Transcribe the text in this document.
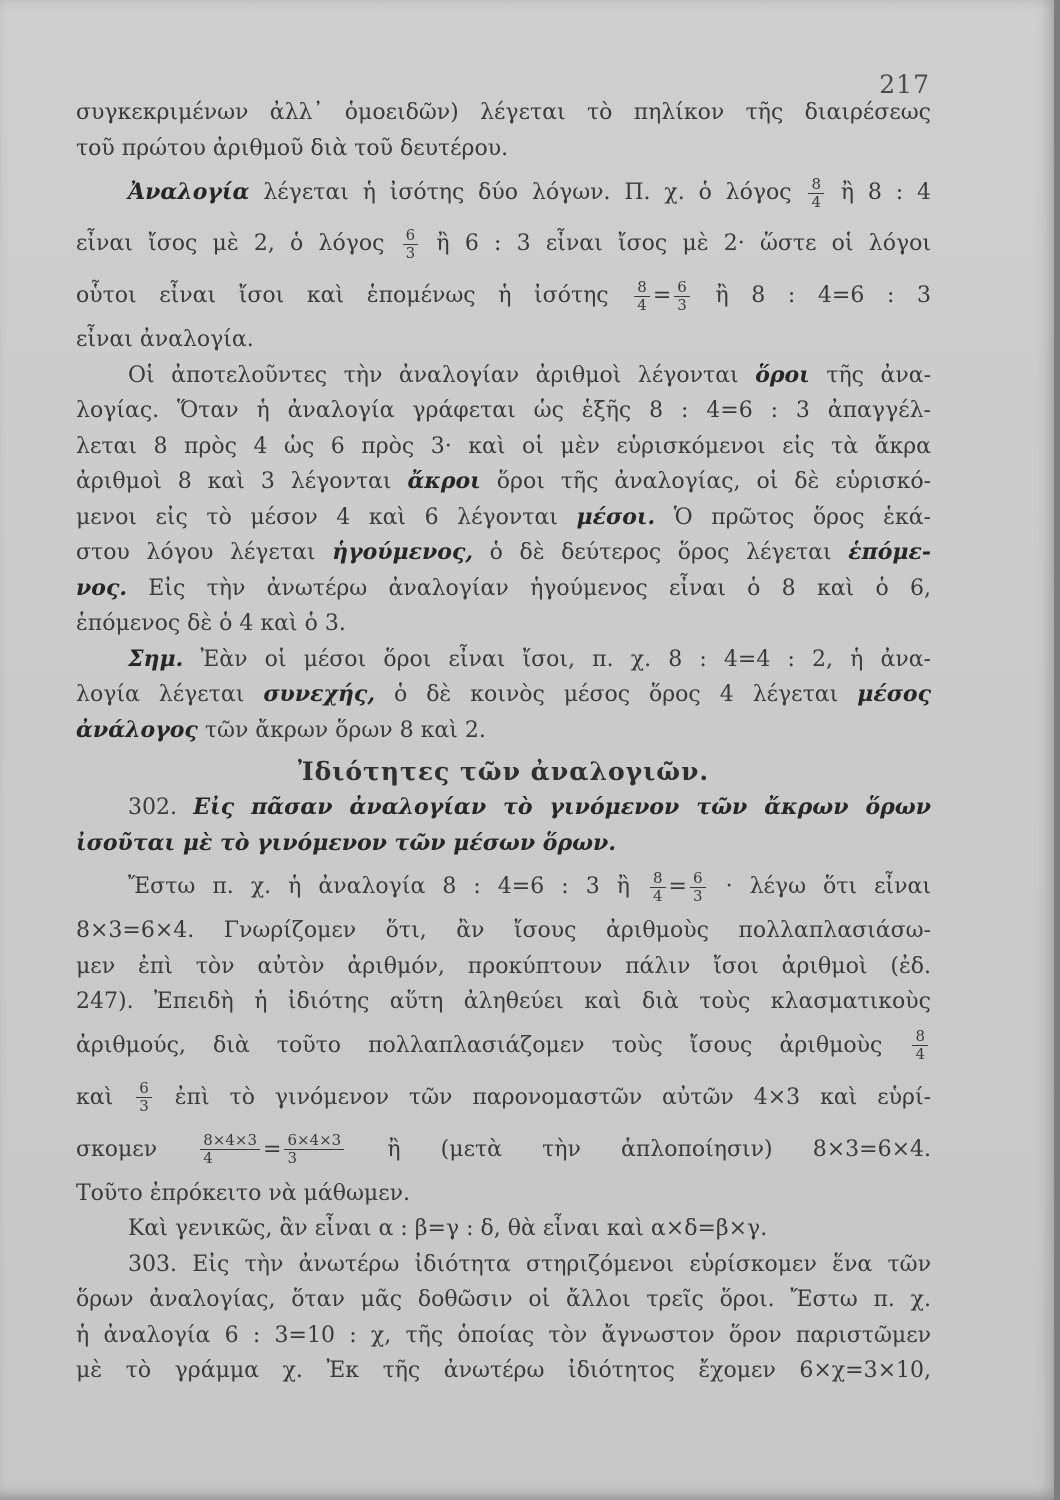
217
συγκεκριμένων ἀλλ᾽ ὁμοειδῶν) λέγεται τὸ πηλίκον τῆς διαιρέσεως
τοῦ πρώτου ἀριθμοῦ διὰ τοῦ δευτέρου.
Ἀναλογία λέγεται ἡ ἰσότης δύο λόγων. Π. χ. ὁ λόγος $\frac{8}{4}$ ἢ 8 : 4
εἶναι ἴσος μὲ 2, ὁ λόγος $\frac{6}{3}$ ἢ 6 : 3 εἶναι ἴσος μὲ 2· ὥστε οἱ λόγοι
οὗτοι εἶναι ἴσοι καὶ ἑπομένως ἡ ἰσότης $\frac{8}{4} = \frac{6}{3}$ ἢ 8 : 4=6 : 3
εἶναι ἀναλογία.
Οἱ ἀποτελοῦντες τὴν ἀναλογίαν ἀριθμοὶ λέγονται ὅροι τῆς ἀνα-
λογίας. Ὅταν ἡ ἀναλογία γράφεται ὡς ἑξῆς 8 : 4=6 : 3 ἀπαγγέλ-
λεται 8 πρὸς 4 ὡς 6 πρὸς 3· καὶ οἱ μὲν εὑρισκόμενοι εἰς τὰ ἄκρα
ἀριθμοὶ 8 καὶ 3 λέγονται ἄκροι ὅροι τῆς ἀναλογίας, οἱ δὲ εὑρισκό-
μενοι εἰς τὸ μέσον 4 καὶ 6 λέγονται μέσοι. Ὁ πρῶτος ὅρος ἑκά-
στου λόγου λέγεται ἡγούμενος, ὁ δὲ δεύτερος ὅρος λέγεται ἑπόμε-
νος. Εἰς τὴν ἀνωτέρω ἀναλογίαν ἡγούμενος εἶναι ὁ 8 καὶ ὁ 6,
ἑπόμενος δὲ ὁ 4 καὶ ὁ 3.
Σημ. Ἐὰν οἱ μέσοι ὅροι εἶναι ἴσοι, π. χ. 8 : 4=4 : 2, ἡ ἀνα-
λογία λέγεται συνεχής, ὁ δὲ κοινὸς μέσος ὅρος 4 λέγεται μέσος
ἀνάλογος τῶν ἄκρων ὅρων 8 καὶ 2.
Ἰδιότητες τῶν ἀναλογιῶν.
302. Εἰς πᾶσαν ἀναλογίαν τὸ γινόμενον τῶν ἄκρων ὅρων
ἰσοῦται μὲ τὸ γινόμενον τῶν μέσων ὅρων.
Ἔστω π. χ. ἡ ἀναλογία 8 : 4=6 : 3 ἢ $\frac{8}{4} = \frac{6}{3} \cdot \lambda έ\gamma\omega$ ὅτι εἶναι
8×3=6×4. Γνωρίζομεν ὅτι, ἂν ἴσους ἀριθμοὺς πολλαπλασιάσω-
μεν ἐπὶ τὸν αὐτὸν ἀριθμόν, προκύπτουν πάλιν ἴσοι ἀριθμοὶ (ἐδ.
247). Ἐπειδὴ ἡ ἰδιότης αὕτη ἀληθεύει καὶ διὰ τοὺς κλασματικοὺς
ἀριθμούς, διὰ τοῦτο πολλαπλασιάζομεν τοὺς ἴσους ἀριθμοὺς $\frac{8}{4}$
καὶ $\frac{6}{3}$ ἐπὶ τὸ γινόμενον τῶν παρονομαστῶν αὐτῶν 4×3 καὶ εὑρί-
σκομεν	$\frac{8\times 4\times 3}{4} = \frac{6\times 4\times 3}{3}$ ἢ (μετὰ τὴν ἁπλοποίησιν) 8×3=6×4.
Τοῦτο ἐπρόκειτο νὰ μάθωμεν.
Καὶ γενικῶς, ἂν εἶναι α : β=γ : δ, θὰ εἶναι καὶ α×δ=β×γ.
303. Εἰς τὴν ἀνωτέρω ἰδιότητα στηριζόμενοι εὑρίσκομεν ἕνα τῶν
ὅρων ἀναλογίας, ὅταν μᾶς δοθῶσιν οἱ ἄλλοι τρεῖς ὅροι. Ἔστω π. χ.
ἡ ἀναλογία 6 : 3=10 : χ, τῆς ὁποίας τὸν ἄγνωστον ὅρον παριστῶμεν
μὲ τὸ γράμμα χ. Ἐκ τῆς ἀνωτέρω ἰδιότητος ἔχομεν 6×χ=3×10,
